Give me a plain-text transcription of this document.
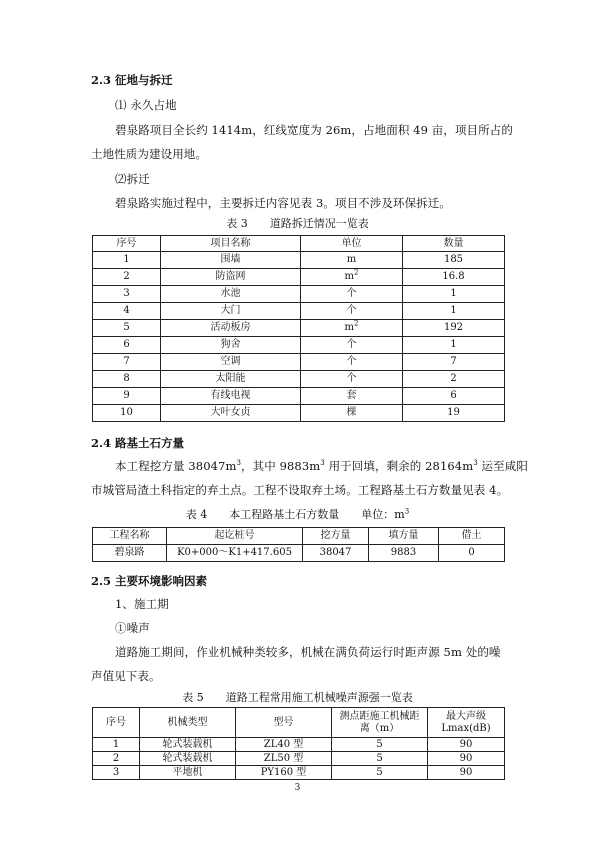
2.3 征地与拆迁
⑴ 永久占地
碧泉路项目全长约 1414m，红线宽度为 26m，占地面积 49 亩，项目所占的
土地性质为建设用地。
⑵拆迁
碧泉路实施过程中，主要拆迁内容见表 3。项目不涉及环保拆迁。
表 3　　道路拆迁情况一览表
序号	项目名称	单位	数量
1	围墙	m	185
2	防盗网	$m^2$	16.8
3	水池	个	1
4	大门	个	1
5	活动板房	$m^2$	192
6	狗舍	个	1
7	空调	个	7
8	太阳能	个	2
9	有线电视	套	6
10	大叶女贞	棵	19
2.4 路基土石方量
本工程挖方量 $38047m^3$，其中 $9883m^3$ 用于回填，剩余的 $28164m^3$ 运至咸阳
市城管局渣土科指定的弃土点。工程不设取弃土场。工程路基土石方数量见表 4。
表 4　　本工程路基土石方数量　　单位：$m^3$
工程名称	起讫桩号	挖方量	填方量	借土
碧泉路	K0+000～K1+417.605	38047	9883	0
2.5 主要环境影响因素
1、施工期
①噪声
道路施工期间，作业机械种类较多，机械在满负荷运行时距声源 5m 处的噪
声值见下表。
表 5　　道路工程常用施工机械噪声源强一览表
序号	机械类型	型号	测点距施工机械距离（m）	最大声级Lmax(dB)
1	轮式装载机	ZL40 型	5	90
2	轮式装载机	ZL50 型	5	90
3	平地机	PY160 型	5	90
3
